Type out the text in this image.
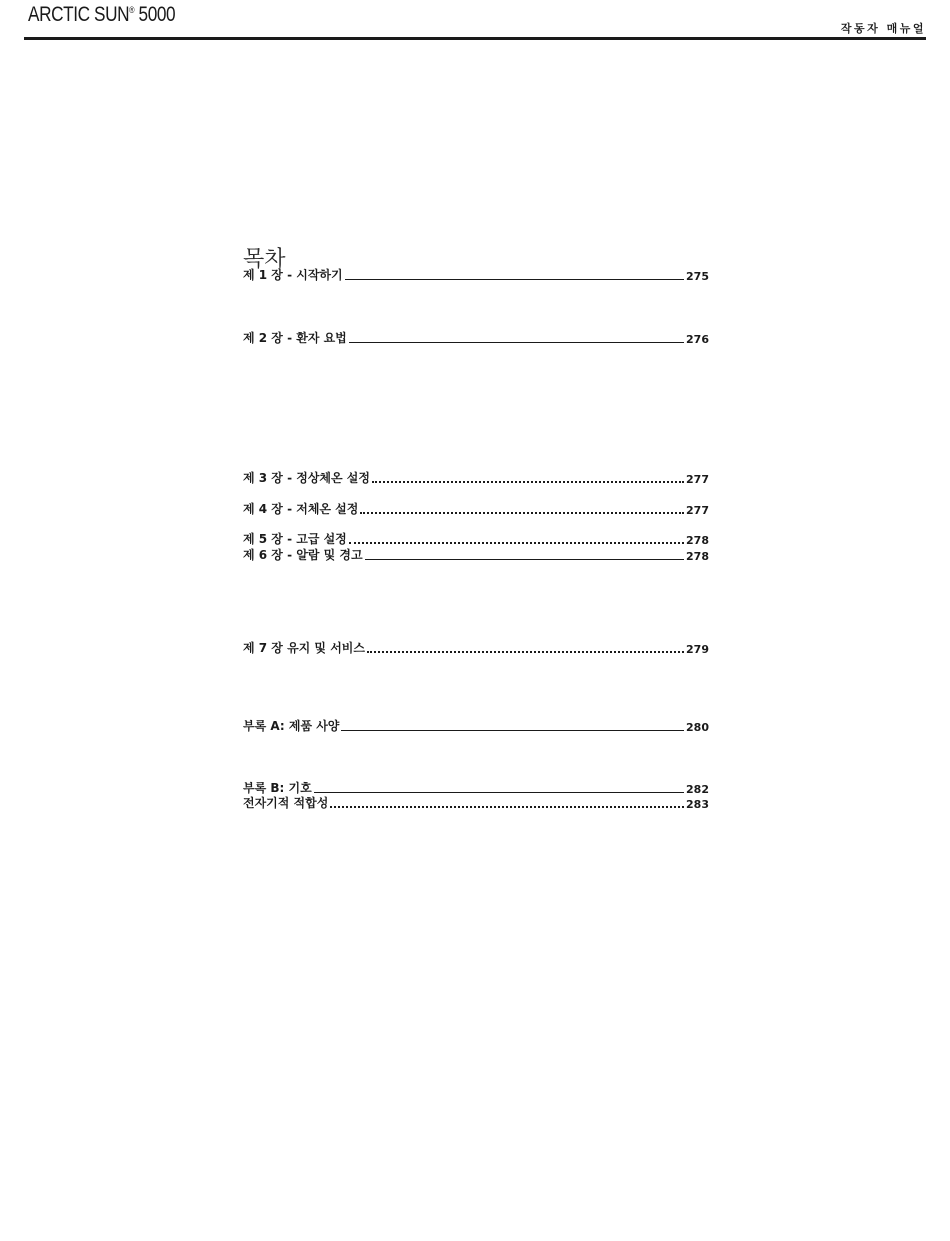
ARCTIC SUN® 5000
작동자 매뉴얼
목차
제 1 장 - 시작하기	275
제 2 장 - 환자 요법	276
제 3 장 - 정상체온 설정	277
제 4 장 - 저체온 설정	277
제 5 장 - 고급 설정	278
제 6 장 - 알람 및 경고	278
제 7 장 유지 및 서비스	279
부록 A: 제품 사양	280
부록 B: 기호	282
전자기적 적합성	283
